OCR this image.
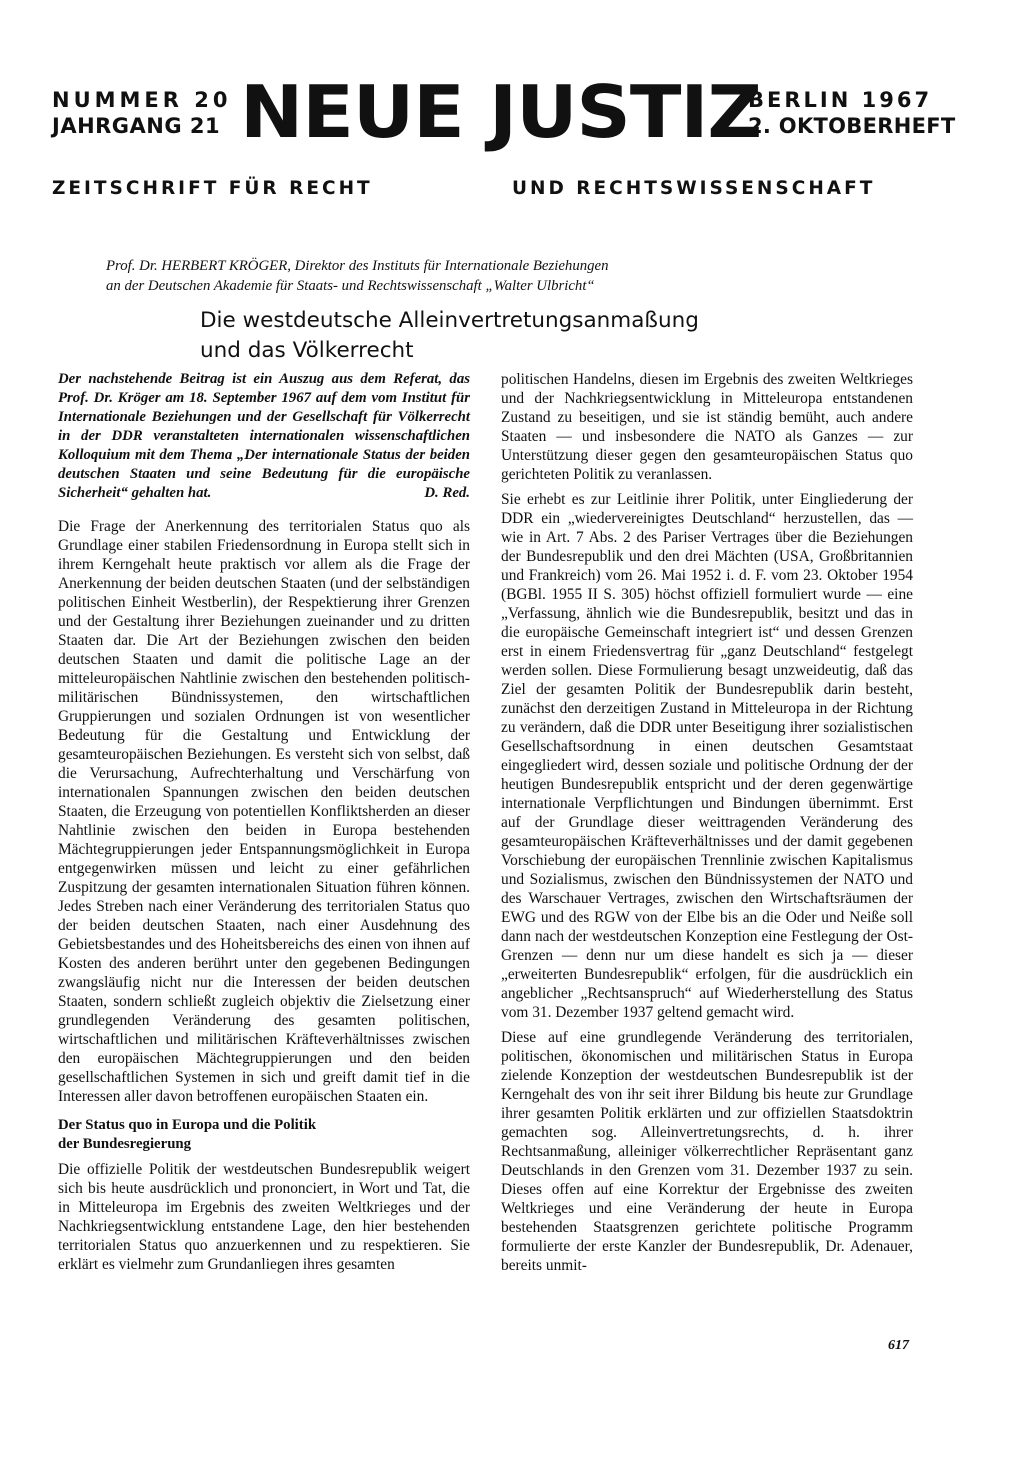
NUMMER 20
JAHRGANG 21 NEUE JUSTIZ
BERLIN 1967
2. OKTOBERHEFT
ZEITSCHRIFT FÜR RECHT	UND RECHTSWISSENSCHAFT
Prof. Dr. HERBERT KRÖGER, Direktor des Instituts für Internationale Beziehungen
an der Deutschen Akademie für Staats- und Rechtswissenschaft „Walter Ulbricht“
Die westdeutsche Alleinvertretungsanmaßung
und das Völkerrecht

Der nachstehende Beitrag ist ein Auszug aus dem Referat, das Prof. Dr. Kröger am 18. September 1967 auf dem vom Institut für Internationale Beziehungen und der Gesellschaft für Völkerrecht in der DDR veranstalteten internationalen wissenschaftlichen Kolloquium mit dem Thema „Der internationale Status der beiden deutschen Staaten und seine Bedeutung für die europäische Sicherheit“ gehalten hat.	D. Red.

Die Frage der Anerkennung des territorialen Status quo als Grundlage einer stabilen Friedensordnung in Europa stellt sich in ihrem Kerngehalt heute praktisch vor allem als die Frage der Anerkennung der beiden deutschen Staaten (und der selbständigen politischen Einheit Westberlin), der Respektierung ihrer Grenzen und der Gestaltung ihrer Beziehungen zueinander und zu dritten Staaten dar. Die Art der Beziehungen zwischen den beiden deutschen Staaten und damit die politische Lage an der mitteleuropäischen Nahtlinie zwischen den bestehenden politisch-militärischen Bündnissystemen, den wirtschaftlichen Gruppierungen und sozialen Ordnungen ist von wesentlicher Bedeutung für die Gestaltung und Entwicklung der gesamteuropäischen Beziehungen. Es versteht sich von selbst, daß die Verursachung, Aufrechterhaltung und Verschärfung von internationalen Spannungen zwischen den beiden deutschen Staaten, die Erzeugung von potentiellen Konfliktsherden an dieser Nahtlinie zwischen den beiden in Europa bestehenden Mächtegruppierungen jeder Entspannungsmöglichkeit in Europa entgegenwirken müssen und leicht zu einer gefährlichen Zuspitzung der gesamten internationalen Situation führen können. Jedes Streben nach einer Veränderung des territorialen Status quo der beiden deutschen Staaten, nach einer Ausdehnung des Gebietsbestandes und des Hoheitsbereichs des einen von ihnen auf Kosten des anderen berührt unter den gegebenen Bedingungen zwangsläufig nicht nur die Interessen der beiden deutschen Staaten, sondern schließt zugleich objektiv die Zielsetzung einer grundlegenden Veränderung des gesamten politischen, wirtschaftlichen und militärischen Kräfteverhältnisses zwischen den europäischen Mächtegruppierungen und den beiden gesellschaftlichen Systemen in sich und greift damit tief in die Interessen aller davon betroffenen europäischen Staaten ein.

Der Status quo in Europa und die Politik
der Bundesregierung

Die offizielle Politik der westdeutschen Bundesrepublik weigert sich bis heute ausdrücklich und prononciert, in Wort und Tat, die in Mitteleuropa im Ergebnis des zweiten Weltkrieges und der Nachkriegsentwicklung entstandene Lage, den hier bestehenden territorialen Status quo anzuerkennen und zu respektieren. Sie erklärt es vielmehr zum Grundanliegen ihres gesamten

politischen Handelns, diesen im Ergebnis des zweiten Weltkrieges und der Nachkriegsentwicklung in Mitteleuropa entstandenen Zustand zu beseitigen, und sie ist ständig bemüht, auch andere Staaten — und insbesondere die NATO als Ganzes — zur Unterstützung dieser gegen den gesamteuropäischen Status quo gerichteten Politik zu veranlassen.

Sie erhebt es zur Leitlinie ihrer Politik, unter Eingliederung der DDR ein „wiedervereinigtes Deutschland“ herzustellen, das — wie in Art. 7 Abs. 2 des Pariser Vertrages über die Beziehungen der Bundesrepublik und den drei Mächten (USA, Großbritannien und Frankreich) vom 26. Mai 1952 i. d. F. vom 23. Oktober 1954 (BGBl. 1955 II S. 305) höchst offiziell formuliert wurde — eine „Verfassung, ähnlich wie die Bundesrepublik, besitzt und das in die europäische Gemeinschaft integriert ist“ und dessen Grenzen erst in einem Friedensvertrag für „ganz Deutschland“ festgelegt werden sollen. Diese Formulierung besagt unzweideutig, daß das Ziel der gesamten Politik der Bundesrepublik darin besteht, zunächst den derzeitigen Zustand in Mitteleuropa in der Richtung zu verändern, daß die DDR unter Beseitigung ihrer sozialistischen Gesellschaftsordnung in einen deutschen Gesamtstaat eingegliedert wird, dessen soziale und politische Ordnung der der heutigen Bundesrepublik entspricht und der deren gegenwärtige internationale Verpflichtungen und Bindungen übernimmt. Erst auf der Grundlage dieser weittragenden Veränderung des gesamteuropäischen Kräfteverhältnisses und der damit gegebenen Vorschiebung der europäischen Trennlinie zwischen Kapitalismus und Sozialismus, zwischen den Bündnissystemen der NATO und des Warschauer Vertrages, zwischen den Wirtschaftsräumen der EWG und des RGW von der Elbe bis an die Oder und Neiße soll dann nach der westdeutschen Konzeption eine Festlegung der Ost-Grenzen — denn nur um diese handelt es sich ja — dieser „erweiterten Bundesrepublik“ erfolgen, für die ausdrücklich ein angeblicher „Rechtsanspruch“ auf Wiederherstellung des Status vom 31. Dezember 1937 geltend gemacht wird.

Diese auf eine grundlegende Veränderung des territorialen, politischen, ökonomischen und militärischen Status in Europa zielende Konzeption der westdeutschen Bundesrepublik ist der Kerngehalt des von ihr seit ihrer Bildung bis heute zur Grundlage ihrer gesamten Politik erklärten und zur offiziellen Staatsdoktrin gemachten sog. Alleinvertretungsrechts, d. h. ihrer Rechtsanmaßung, alleiniger völkerrechtlicher Repräsentant ganz Deutschlands in den Grenzen vom 31. Dezember 1937 zu sein. Dieses offen auf eine Korrektur der Ergebnisse des zweiten Weltkrieges und eine Veränderung der heute in Europa bestehenden Staatsgrenzen gerichtete politische Programm formulierte der erste Kanzler der Bundesrepublik, Dr. Adenauer, bereits unmit-

617
